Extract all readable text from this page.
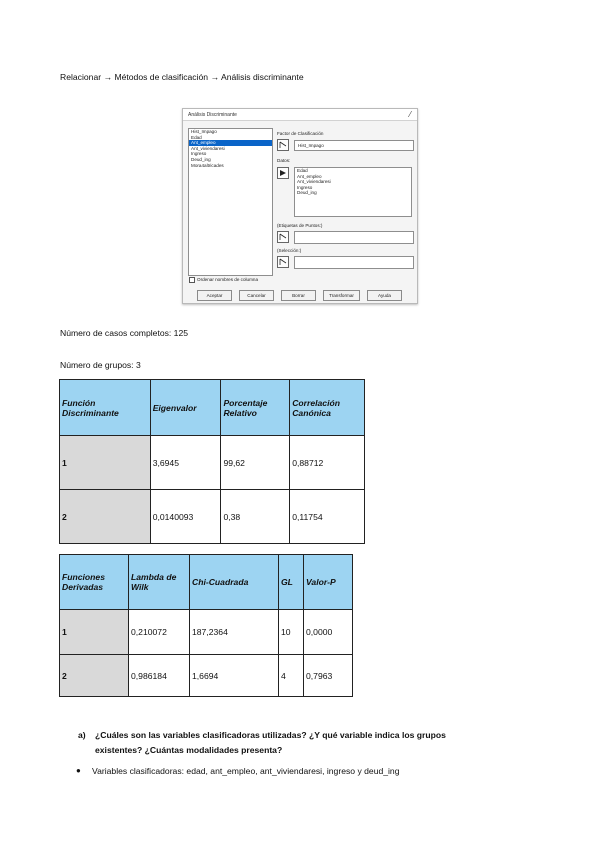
Relacionar → Métodos de clasificación → Análisis discriminante
Análisis Discriminante	⁄
Hist_Impago
Edad
Ant_empleo
Ant_viviendaresi
Ingreso
Deud_ing
Mora4altricades
Factor de Clasificación
Hist_Impago
Datos:
Edad
Ant_empleo
Ant_viviendaresi
Ingreso
Deud_ing
(Etiquetas de Puntos:)
(Selección:)
Ordenar nombres de columna
Aceptar	Cancelar	Borrar	Transformar	Ayuda
Número de casos completos: 125
Número de grupos: 3
Función Discriminante	Eigenvalor	Porcentaje Relativo	Correlación Canónica
1	3,6945	99,62	0,88712
2	0,0140093	0,38	0,11754
Funciones Derivadas	Lambda de Wilk	Chi-Cuadrada	GL	Valor-P
1	0,210072	187,2364	10	0,0000
2	0,986184	1,6694	4	0,7963
a) ¿Cuáles son las variables clasificadoras utilizadas? ¿Y qué variable indica los grupos
existentes? ¿Cuántas modalidades presenta?
● Variables clasificadoras: edad, ant_empleo, ant_viviendaresi, ingreso y deud_ing
